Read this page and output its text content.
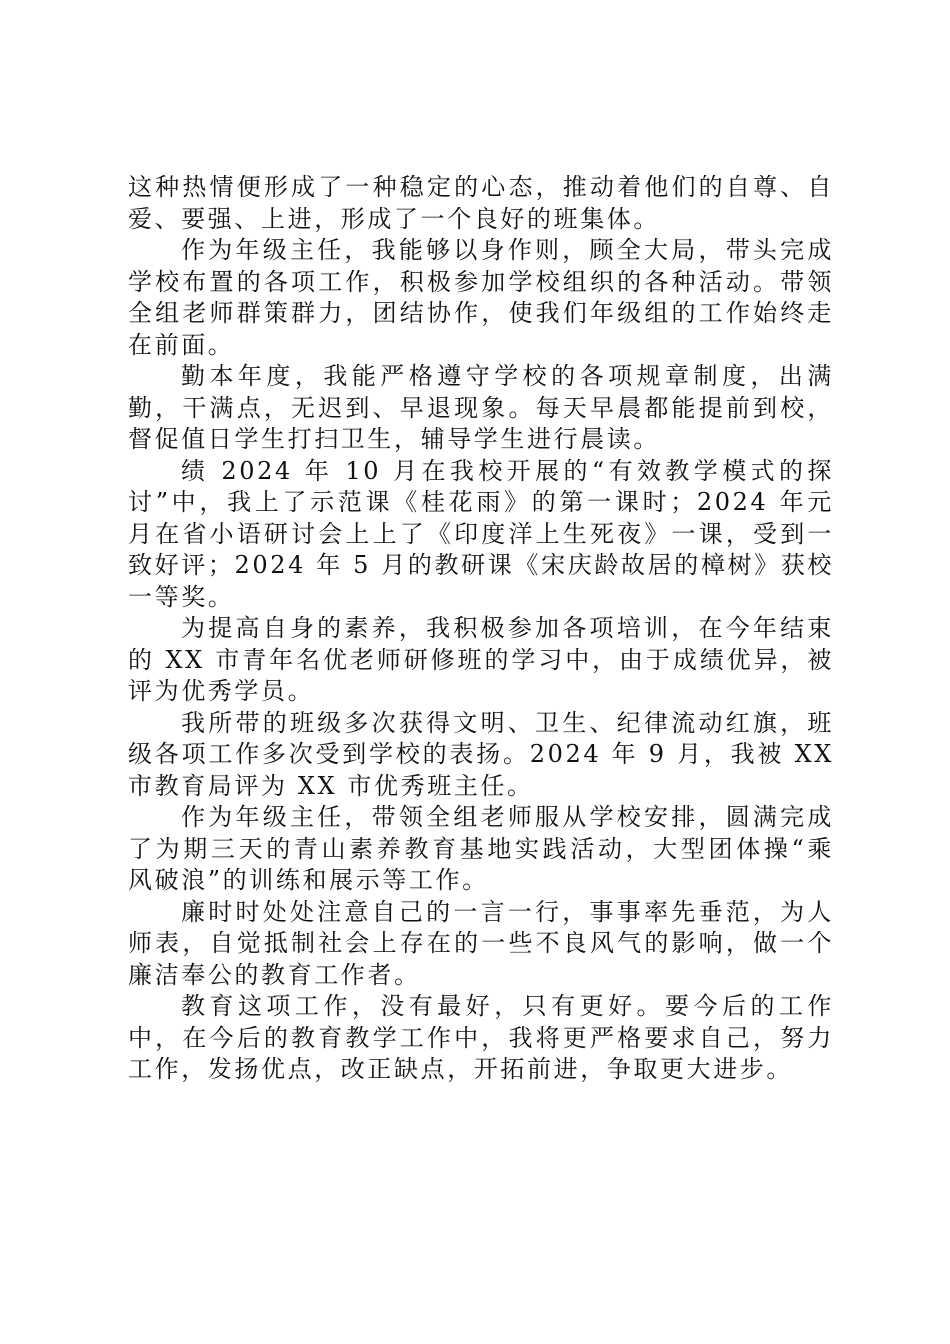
这种热情便形成了一种稳定的心态，推动着他们的自尊、自爱、要强、上进，形成了一个良好的班集体。

作为年级主任，我能够以身作则，顾全大局，带头完成学校布置的各项工作，积极参加学校组织的各种活动。带领全组老师群策群力，团结协作，使我们年级组的工作始终走在前面。

勤本年度，我能严格遵守学校的各项规章制度，出满勤，干满点，无迟到、早退现象。每天早晨都能提前到校，督促值日学生打扫卫生，辅导学生进行晨读。

绩 2024 年 10 月在我校开展的“有效教学模式的探讨”中，我上了示范课《桂花雨》的第一课时；2024 年元月在省小语研讨会上上了《印度洋上生死夜》一课，受到一致好评；2024 年 5 月的教研课《宋庆龄故居的樟树》获校一等奖。

为提高自身的素养，我积极参加各项培训，在今年结束的 XX 市青年名优老师研修班的学习中，由于成绩优异，被评为优秀学员。

我所带的班级多次获得文明、卫生、纪律流动红旗，班级各项工作多次受到学校的表扬。2024 年 9 月，我被 XX 市教育局评为 XX 市优秀班主任。

作为年级主任，带领全组老师服从学校安排，圆满完成了为期三天的青山素养教育基地实践活动，大型团体操“乘风破浪”的训练和展示等工作。

廉时时处处注意自己的一言一行，事事率先垂范，为人师表，自觉抵制社会上存在的一些不良风气的影响，做一个廉洁奉公的教育工作者。

教育这项工作，没有最好，只有更好。要今后的工作中，在今后的教育教学工作中，我将更严格要求自己，努力工作，发扬优点，改正缺点，开拓前进，争取更大进步。
